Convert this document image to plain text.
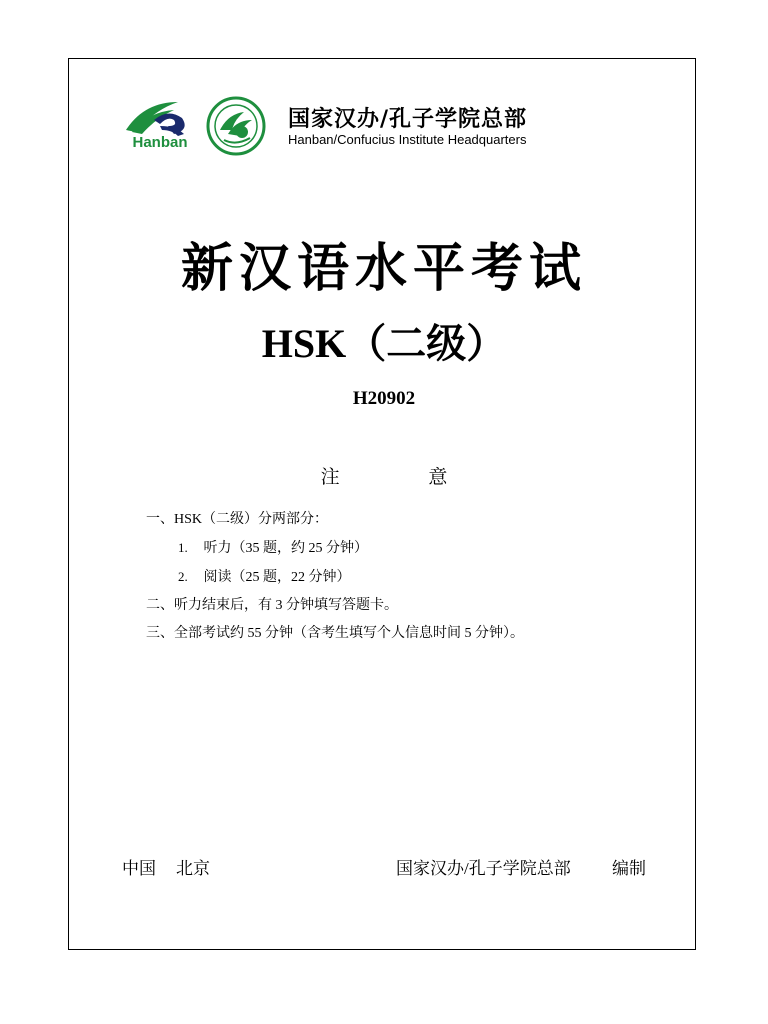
Hanban
国家汉办/孔子学院总部
Hanban/Confucius Institute Headquarters
新汉语水平考试
HSK（二级）
H20902
注	意
一、HSK（二级）分两部分：
1. 听力（35 题，约 25 分钟）
2. 阅读（25 题，22 分钟）
二、听力结束后，有 3 分钟填写答题卡。
三、全部考试约 55 分钟（含考生填写个人信息时间 5 分钟）。
中国 北京	国家汉办/孔子学院总部 编制
